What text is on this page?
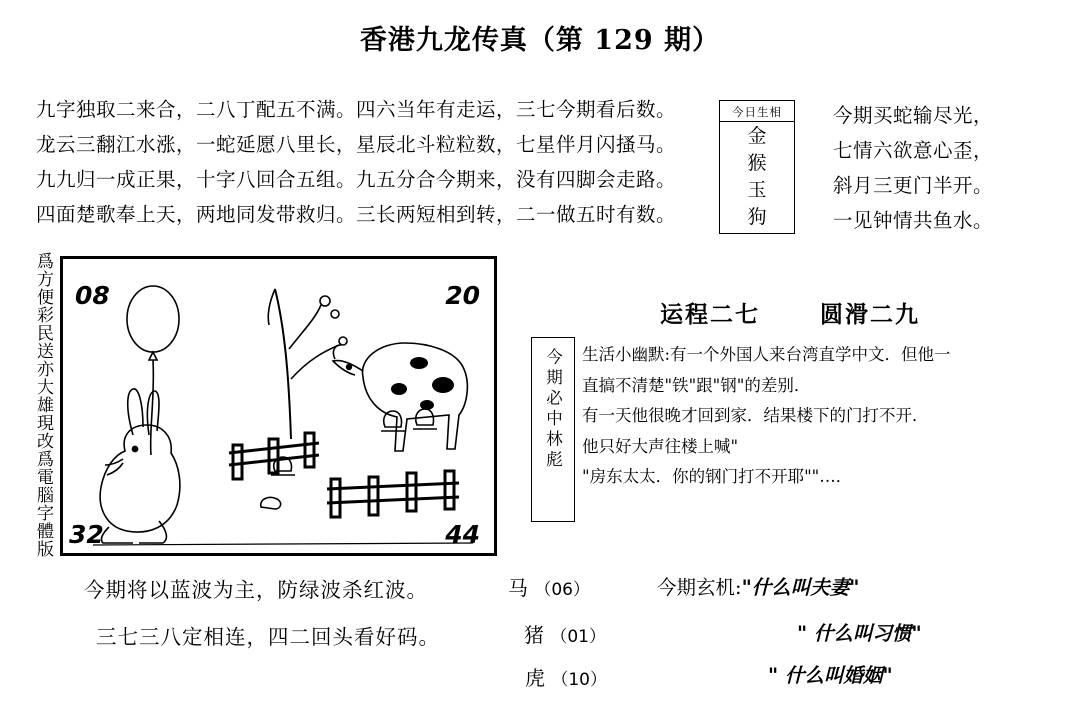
香港九龙传真（第 129 期）
九字独取二来合，二八丁配五不满。四六当年有走运，三七今期看后数。
龙云三翻江水涨，一蛇延愿八里长，星辰北斗粒粒数，七星伴月闪搔马。
九九归一成正果，十字八回合五组。九五分合今期来，没有四脚会走路。
四面楚歌奉上天，两地同发带救归。三长两短相到转，二一做五时有数。
今日生相
金
猴
玉
狗
今期买蛇输尽光，
七情六欲意心歪，
斜月三更门半开。
一见钟情共鱼水。
爲方便彩民送亦大雄現改爲電腦字體版 08	20
32	44
运程二七	圆滑二九
今期必中林彪	生活小幽默:有一个外国人来台湾直学中文．但他一
直搞不清楚"铁"跟"钢"的差别．
有一天他很晚才回到家．结果楼下的门打不开．
他只好大声往楼上喊"
"房东太太．你的钢门打不开耶""…．
今期将以蓝波为主，防绿波杀红波。
三七三八定相连，四二回头看好码。
马 （06）
猪 （01）
虎 （10）
今期玄机:"什么叫夫妻"
" 什么叫习惯"
" 什么叫婚姻"
